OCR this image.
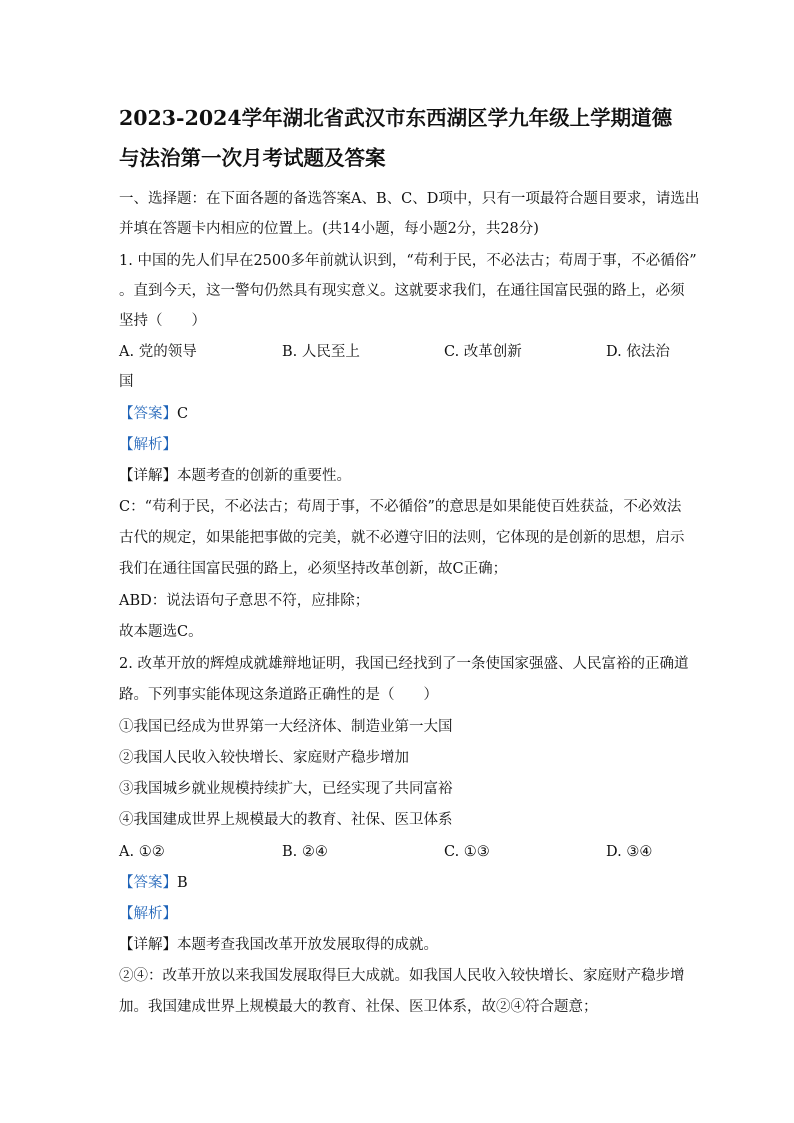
2023-2024学年湖北省武汉市东西湖区学九年级上学期道德
与法治第一次月考试题及答案
一、选择题：在下面各题的备选答案A、B、C、D项中，只有一项最符合题目要求，请选出
并填在答题卡内相应的位置上。(共14小题，每小题2分，共28分)
1. 中国的先人们早在2500多年前就认识到，“苟利于民，不必法古；苟周于事，不必循俗”
。直到今天，这一警句仍然具有现实意义。这就要求我们，在通往国富民强的路上，必须
坚持（　　）
A. 党的领导	B. 人民至上	C. 改革创新	D. 依法治
国
【答案】C
【解析】
【详解】本题考查的创新的重要性。
C：“苟利于民，不必法古；苟周于事，不必循俗”的意思是如果能使百姓获益，不必效法
古代的规定，如果能把事做的完美，就不必遵守旧的法则，它体现的是创新的思想，启示
我们在通往国富民强的路上，必须坚持改革创新，故C正确；
ABD：说法语句子意思不符，应排除；
故本题选C。
2. 改革开放的辉煌成就雄辩地证明，我国已经找到了一条使国家强盛、人民富裕的正确道
路。下列事实能体现这条道路正确性的是（　　）
①我国已经成为世界第一大经济体、制造业第一大国
②我国人民收入较快增长、家庭财产稳步增加
③我国城乡就业规模持续扩大，已经实现了共同富裕
④我国建成世界上规模最大的教育、社保、医卫体系
A. ①②	B. ②④	C. ①③	D. ③④
【答案】B
【解析】
【详解】本题考查我国改革开放发展取得的成就。
②④：改革开放以来我国发展取得巨大成就。如我国人民收入较快增长、家庭财产稳步增
加。我国建成世界上规模最大的教育、社保、医卫体系，故②④符合题意；
